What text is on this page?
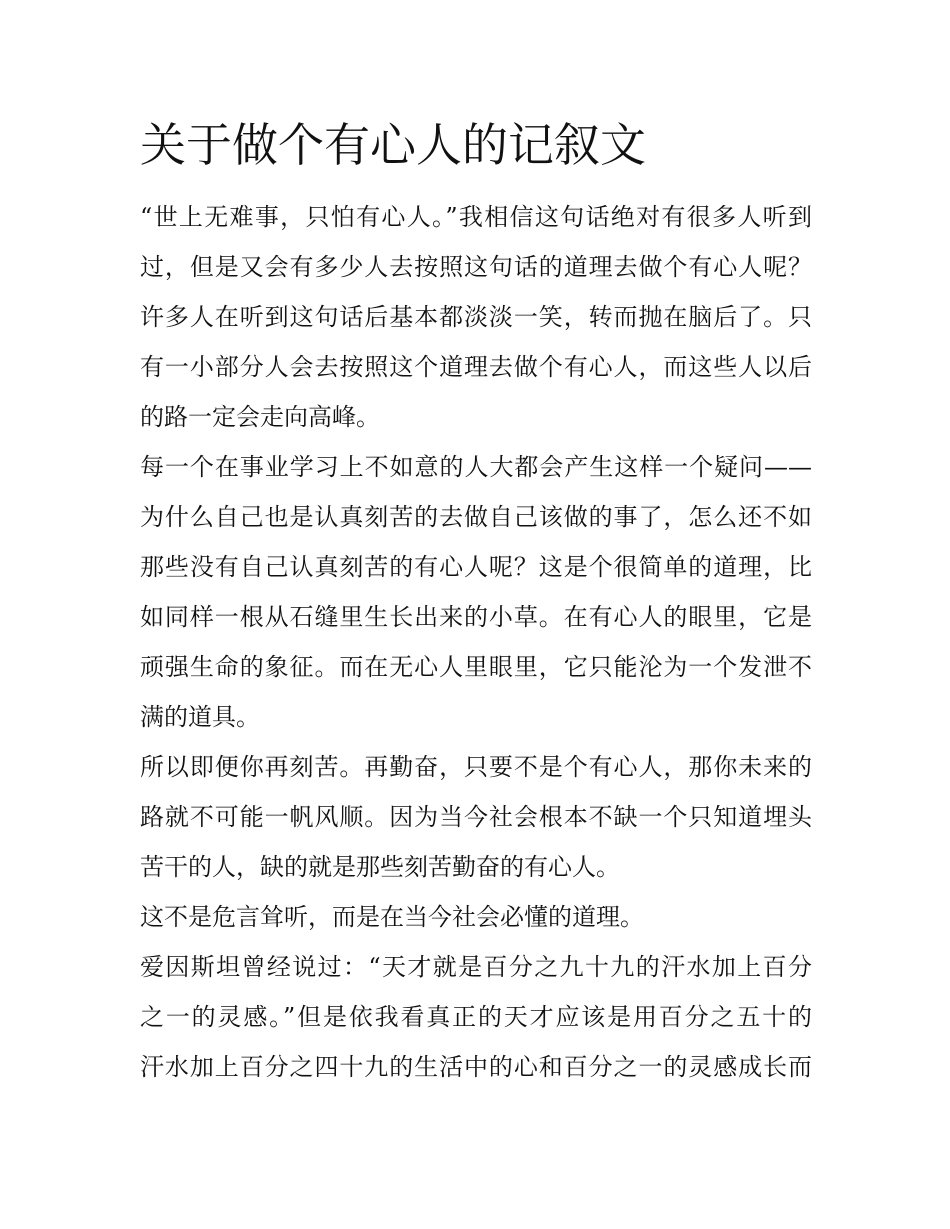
关于做个有心人的记叙文
“世上无难事，只怕有心人。”我相信这句话绝对有很多人听到
过，但是又会有多少人去按照这句话的道理去做个有心人呢？
许多人在听到这句话后基本都淡淡一笑，转而抛在脑后了。只
有一小部分人会去按照这个道理去做个有心人，而这些人以后
的路一定会走向高峰。
每一个在事业学习上不如意的人大都会产生这样一个疑问——
为什么自己也是认真刻苦的去做自己该做的事了，怎么还不如
那些没有自己认真刻苦的有心人呢？这是个很简单的道理，比
如同样一根从石缝里生长出来的小草。在有心人的眼里，它是
顽强生命的象征。而在无心人里眼里，它只能沦为一个发泄不
满的道具。
所以即便你再刻苦。再勤奋，只要不是个有心人，那你未来的
路就不可能一帆风顺。因为当今社会根本不缺一个只知道埋头
苦干的人，缺的就是那些刻苦勤奋的有心人。
这不是危言耸听，而是在当今社会必懂的道理。
爱因斯坦曾经说过：“天才就是百分之九十九的汗水加上百分
之一的灵感。”但是依我看真正的天才应该是用百分之五十的
汗水加上百分之四十九的生活中的心和百分之一的灵感成长而
